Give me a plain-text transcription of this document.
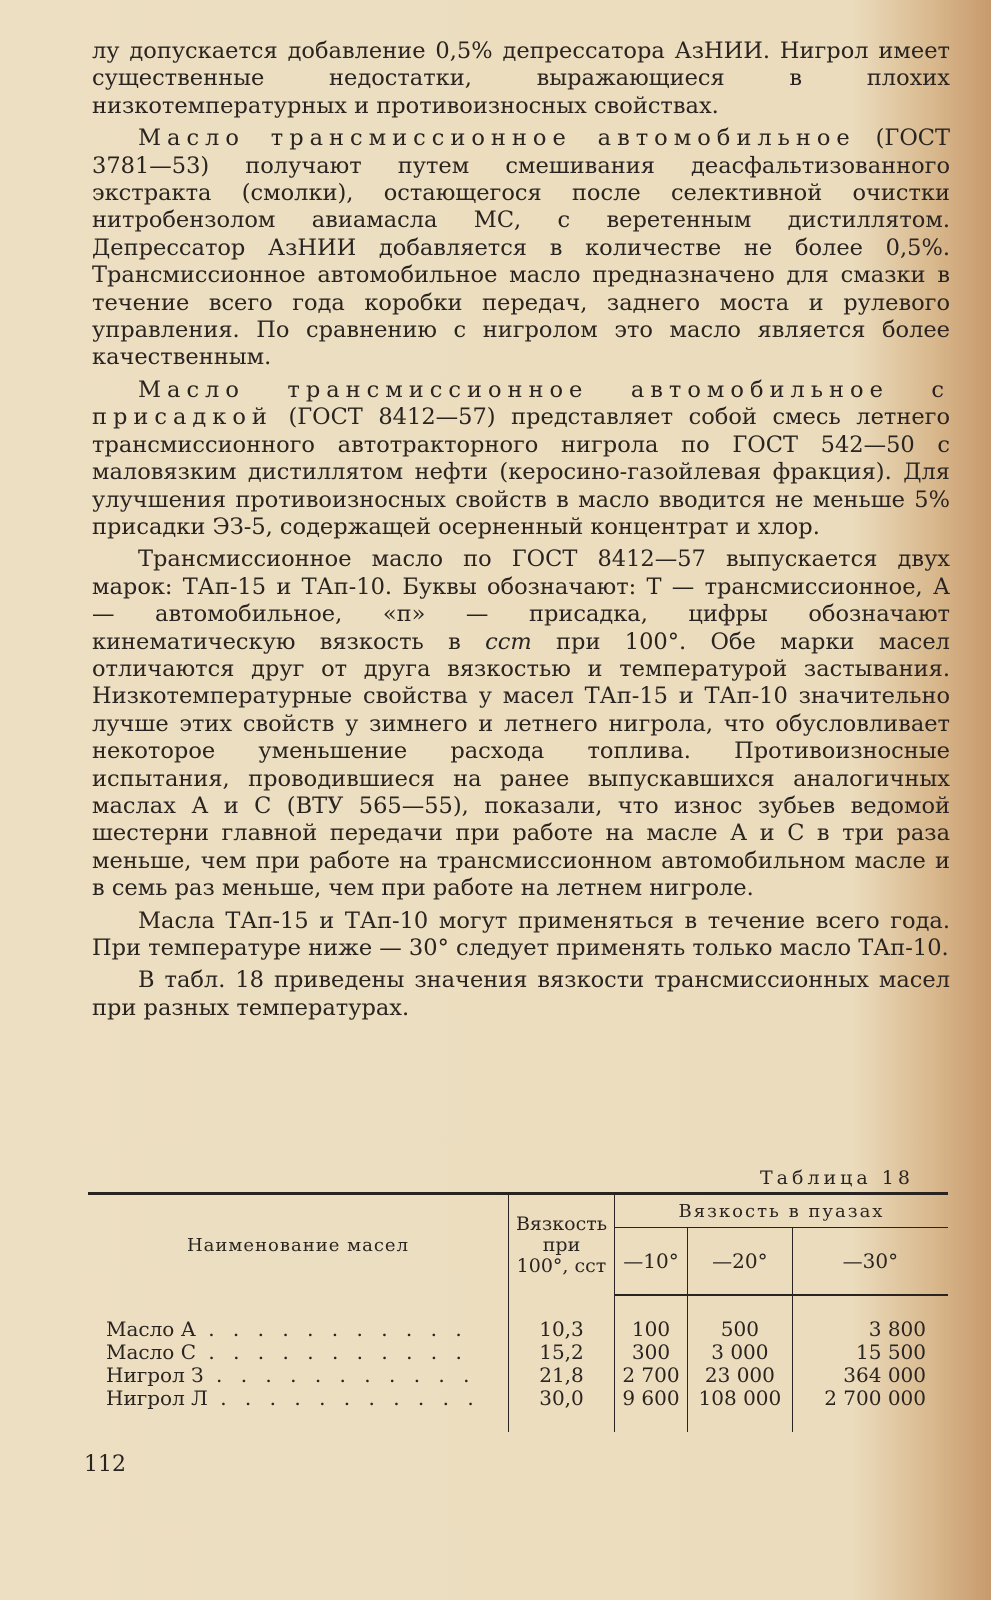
лу допускается добавление 0,5% депрессатора АзНИИ. Нигрол имеет существенные недостатки, выражающиеся в плохих низкотемпературных и противоизносных свойствах.

Масло трансмиссионное автомобильное (ГОСТ 3781—53) получают путем смешивания деасфальтизованного экстракта (смолки), остающегося после селективной очистки нитробензолом авиамасла МС, с веретенным дистиллятом. Депрессатор АзНИИ добавляется в количестве не более 0,5%. Трансмиссионное автомобильное масло предназначено для смазки в течение всего года коробки передач, заднего моста и рулевого управления. По сравнению с нигролом это масло является более качественным.

Масло трансмиссионное автомобильное с присадкой (ГОСТ 8412—57) представляет собой смесь летнего трансмиссионного автотракторного нигрола по ГОСТ 542—50 с маловязким дистиллятом нефти (керосино-газойлевая фракция). Для улучшения противоизносных свойств в масло вводится не меньше 5% присадки ЭЗ-5, содержащей осерненный концентрат и хлор.

Трансмиссионное масло по ГОСТ 8412—57 выпускается двух марок: ТАп-15 и ТАп-10. Буквы обозначают: Т — трансмиссионное, А — автомобильное, «п» — присадка, цифры обозначают кинематическую вязкость в сст при 100°. Обе марки масел отличаются друг от друга вязкостью и температурой застывания. Низкотемпературные свойства у масел ТАп-15 и ТАп-10 значительно лучше этих свойств у зимнего и летнего нигрола, что обусловливает некоторое уменьшение расхода топлива. Противоизносные испытания, проводившиеся на ранее выпускавшихся аналогичных маслах А и С (ВТУ 565—55), показали, что износ зубьев ведомой шестерни главной передачи при работе на масле А и С в три раза меньше, чем при работе на трансмиссионном автомобильном масле и в семь раз меньше, чем при работе на летнем нигроле.

Масла ТАп-15 и ТАп-10 могут применяться в течение всего года. При температуре ниже — 30° следует применять только масло ТАп-10.

В табл. 18 приведены значения вязкости трансмиссионных масел при разных температурах.

Таблица 18
Наименование масел	Вязкость
при
100°, сст	Вязкость в пуазах		
		—10°	—20°	—30°

Масло А . . . . . . . . . . .	10,3	100	500	3 800
Масло С . . . . . . . . . . .	15,2	300	3 000	15 500
Нигрол З . . . . . . . . . . .	21,8	2 700	23 000	364 000
Нигрол Л . . . . . . . . . . .	30,0	9 600	108 000	2 700 000

112
